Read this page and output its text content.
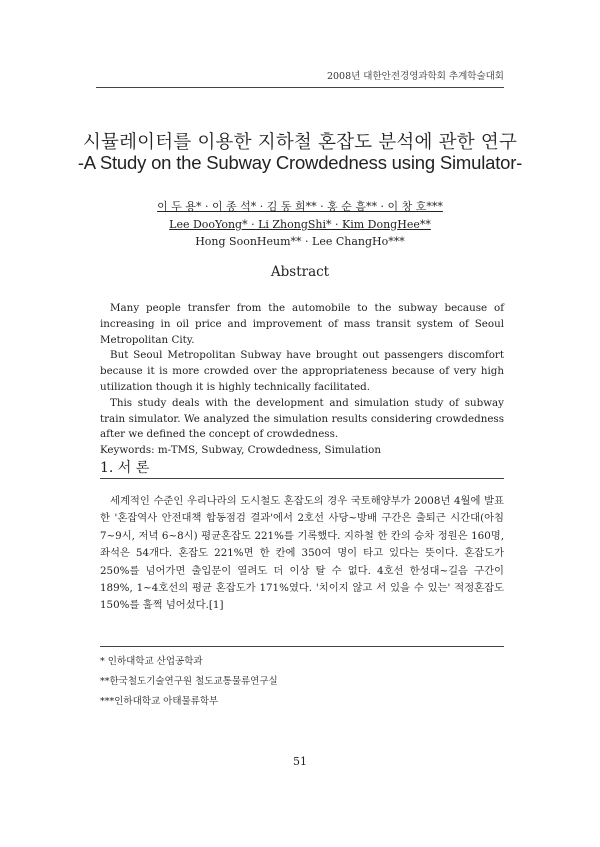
2008년 대한안전경영과학회 추계학술대회
시뮬레이터를 이용한 지하철 혼잡도 분석에 관한 연구
-A Study on the Subway Crowdedness using Simulator-
이 두 용* · 이 종 석* · 김 동 희** · 홍 순 흠** · 이 창 호***
Lee DooYong* · Li ZhongShi* · Kim DongHee**
Hong SoonHeum** · Lee ChangHo***
Abstract

Many people transfer from the automobile to the subway because of increasing in oil price and improvement of mass transit system of Seoul Metropolitan City.

But Seoul Metropolitan Subway have brought out passengers discomfort because it is more crowded over the appropriateness because of very high utilization though it is highly technically facilitated.

This study deals with the development and simulation study of subway train simulator. We analyzed the simulation results considering crowdedness after we defined the concept of crowdedness.

Keywords: m-TMS, Subway, Crowdedness, Simulation

1. 서 론

세계적인 수준인 우리나라의 도시철도 혼잡도의 경우 국토해양부가 2008년 4월에 발표한 '혼잡역사 안전대책 합동점검 결과'에서 2호선 사당~방배 구간은 출퇴근 시간대(아침 7~9시, 저녁 6~8시) 평균혼잡도 221%를 기록했다. 지하철 한 칸의 승차 정원은 160명, 좌석은 54개다. 혼잡도 221%면 한 칸에 350여 명이 타고 있다는 뜻이다. 혼잡도가 250%를 넘어가면 출입문이 열려도 더 이상 탈 수 없다. 4호선 한성대~길음 구간이 189%, 1~4호선의 평균 혼잡도가 171%였다. '치이지 않고 서 있을 수 있는' 적정혼잡도 150%를 훌쩍 넘어섰다.[1]

* 인하대학교 산업공학과
**한국철도기술연구원 철도교통물류연구실
***인하대학교 아태물류학부
51
